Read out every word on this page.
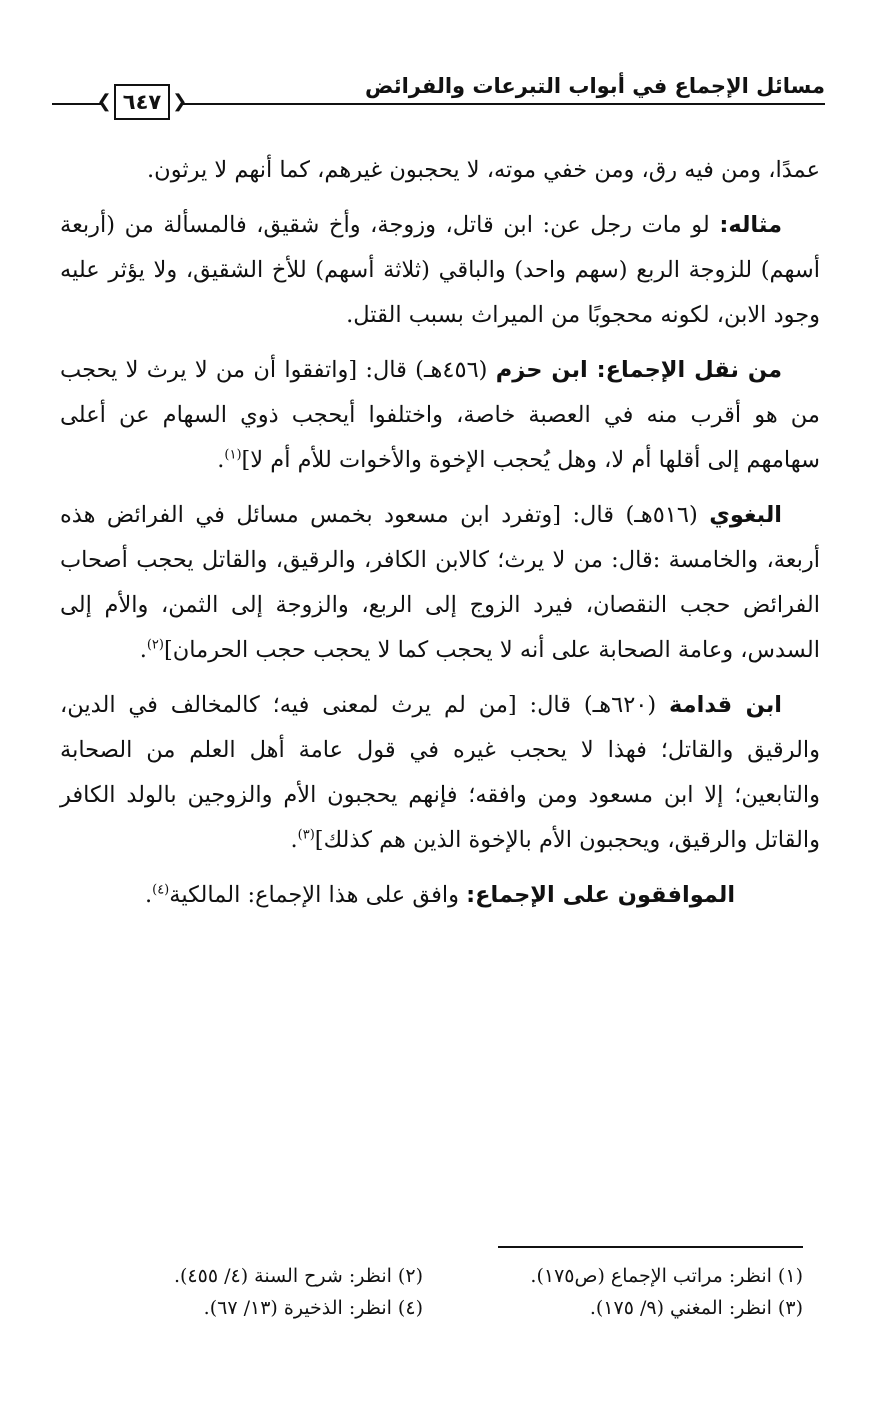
مسائل الإجماع في أبواب التبرعات والفرائض
❮
٦٤٧
❯

عمدًا، ومن فيه رق، ومن خفي موته، لا يحجبون غيرهم، كما أنهم لا يرثون.

مثاله: لو مات رجل عن: ابن قاتل، وزوجة، وأخ شقيق، فالمسألة من (أربعة أسهم) للزوجة الربع (سهم واحد) والباقي (ثلاثة أسهم) للأخ الشقيق، ولا يؤثر عليه وجود الابن، لكونه محجوبًا من الميراث بسبب القتل.

من نقل الإجماع: ابن حزم (٤٥٦هـ) قال: [واتفقوا أن من لا يرث لا يحجب من هو أقرب منه في العصبة خاصة، واختلفوا أيحجب ذوي السهام عن أعلى سهامهم إلى أقلها أم لا، وهل يُحجب الإخوة والأخوات للأم أم لا]$^{(١)}$.

البغوي (٥١٦هـ) قال: [وتفرد ابن مسعود بخمس مسائل في الفرائض هذه أربعة، والخامسة :قال: من لا يرث؛ كالابن الكافر، والرقيق، والقاتل يحجب أصحاب الفرائض حجب النقصان، فيرد الزوج إلى الربع، والزوجة إلى الثمن، والأم إلى السدس، وعامة الصحابة على أنه لا يحجب كما لا يحجب حجب الحرمان]$^{(٢)}$.

ابن قدامة (٦٢٠هـ) قال: [من لم يرث لمعنى فيه؛ كالمخالف في الدين، والرقيق والقاتل؛ فهذا لا يحجب غيره في قول عامة أهل العلم من الصحابة والتابعين؛ إلا ابن مسعود ومن وافقه؛ فإنهم يحجبون الأم والزوجين بالولد الكافر والقاتل والرقيق، ويحجبون الأم بالإخوة الذين هم كذلك]$^{(٣)}$.

الموافقون على الإجماع: وافق على هذا الإجماع: المالكية$^{(٤)}$.

(١) انظر: مراتب الإجماع (ص١٧٥).
(٢) انظر: شرح السنة (٤/ ٤٥٥).
(٣) انظر: المغني (٩/ ١٧٥).
(٤) انظر: الذخيرة (١٣/ ٦٧).
